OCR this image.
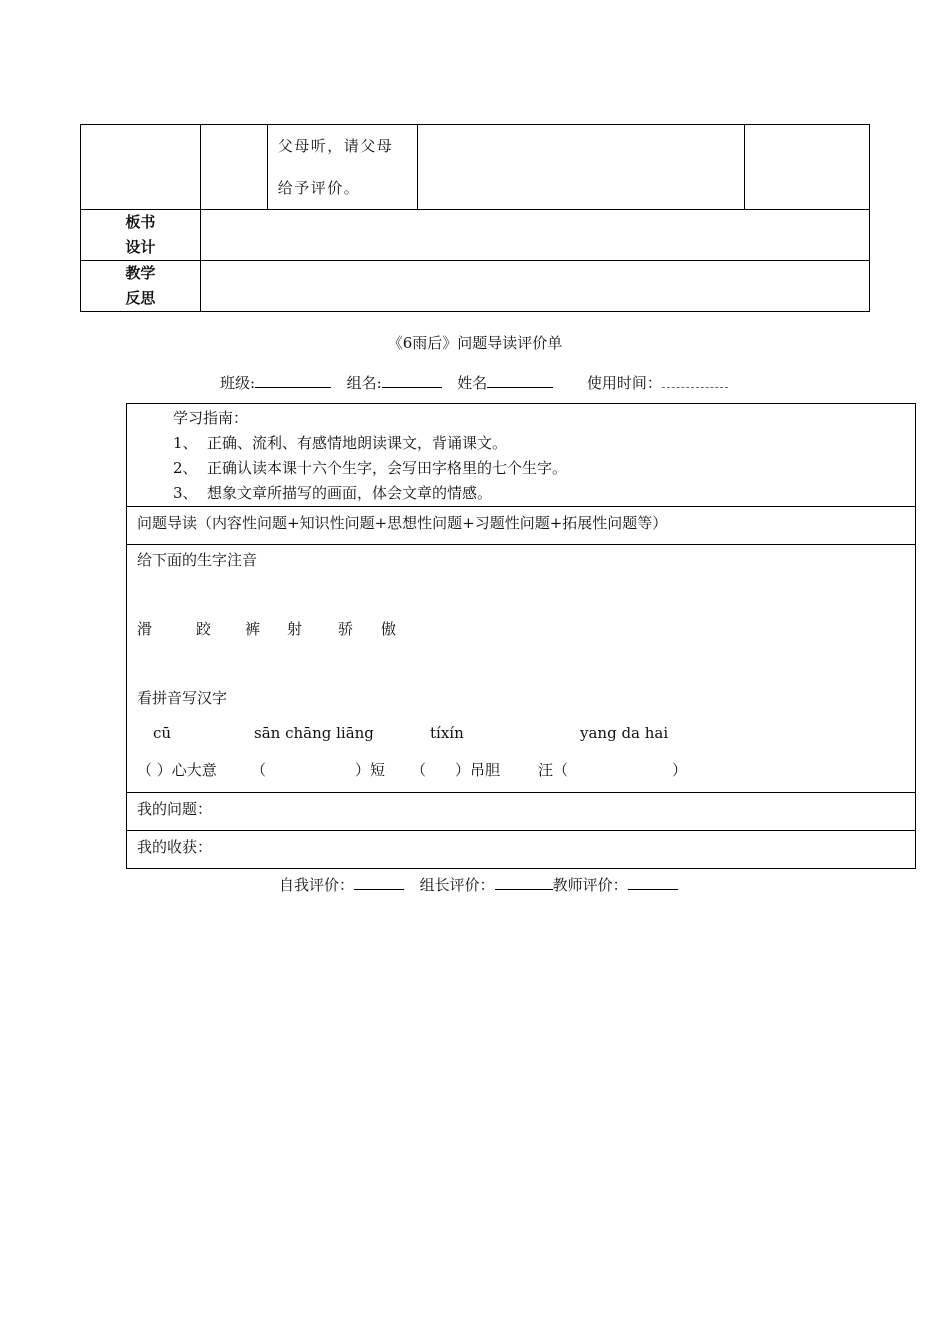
		父母听，请父母
给予评价。		

板书
设计				

教学
反思				

《6雨后》问题导读评价单
班级:	组名:	姓名	使用时间：
学习指南：
1、 正确、流利、有感情地朗读课文，背诵课文。
2、 正确认读本课十六个生字，会写田字格里的七个生字。
3、 想象文章所描写的画面，体会文章的情感。

问题导读（内容性问题+知识性问题+思想性问题+习题性问题+拓展性问题等）

给下面的生字注音
滑	跤 裤 射 骄 傲
看拼音写汉字
cū	sān chāng liāng	tíxín	yang da hai
（ ）心大意 （	）短 （ ）吊胆	汪（	）

我的问题：

我的收获：
自我评价：	组长评价：	教师评价：
